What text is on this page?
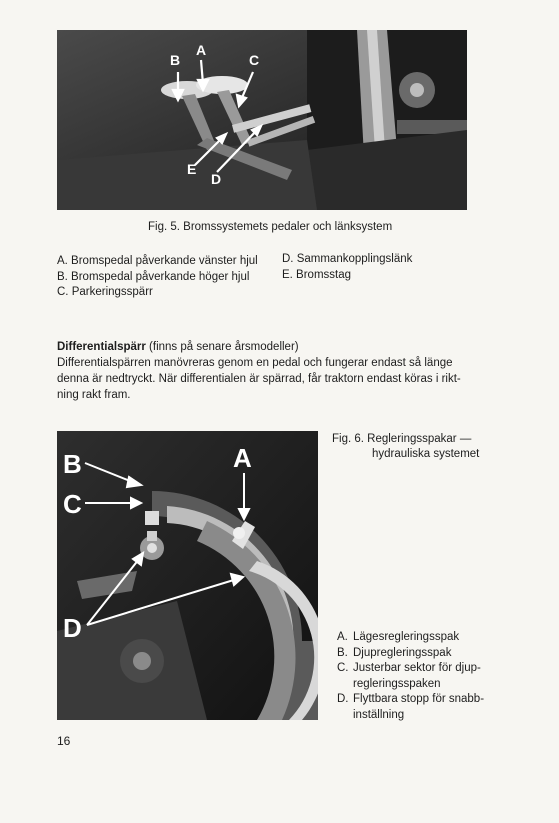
B
A
C
E
D
Fig. 5. Bromssystemets pedaler och länksystem
A. Bromspedal påverkande vänster hjul
B. Bromspedal påverkande höger hjul
C. Parkeringsspärr
D. Sammankopplingslänk
E. Bromsstag
Differentialspärr (finns på senare årsmodeller)
Differentialspärren manövreras genom en pedal och fungerar endast så länge
denna är nedtryckt. När differentialen är spärrad, får traktorn endast köras i rikt-
ning rakt fram.
B	A
C
D
Fig. 6. Regleringsspakar —
hydrauliska systemet
A. Lägesregleringsspak
B. Djupregleringsspak
C. Justerbar sektor för djup-
regleringsspaken
D. Flyttbara stopp för snabb-
inställning
16
